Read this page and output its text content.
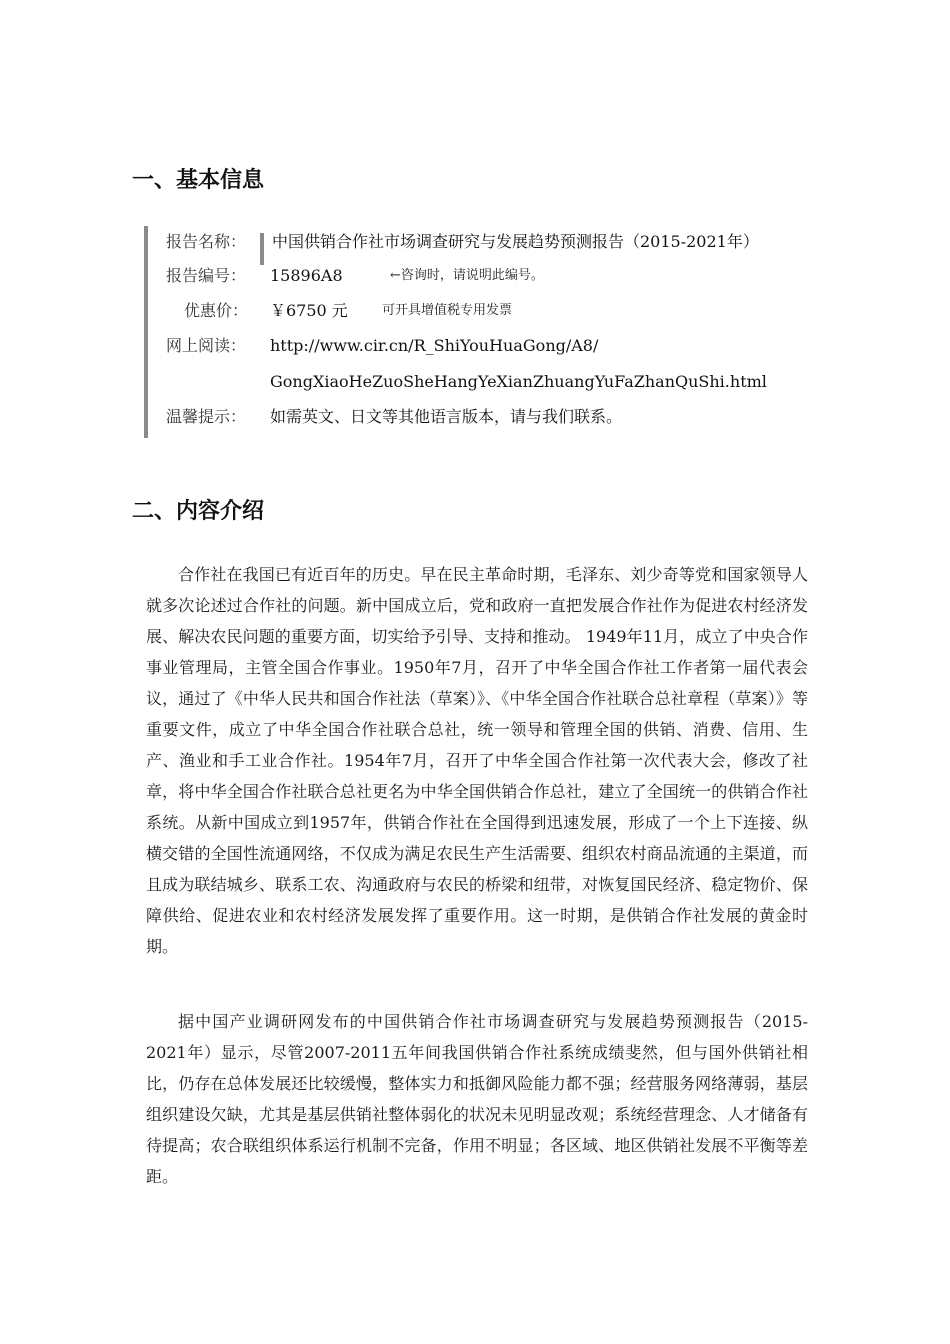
一、基本信息
报告名称：	中国供销合作社市场调查研究与发展趋势预测报告（2015-2021年）
报告编号：	15896A8	←咨询时，请说明此编号。
优惠价：	￥6750 元	可开具增值税专用发票
网上阅读：	http://www.cir.cn/R_ShiYouHuaGong/A8/
GongXiaoHeZuoSheHangYeXianZhuangYuFaZhanQuShi.html
温馨提示：	如需英文、日文等其他语言版本，请与我们联系。
二、内容介绍

合作社在我国已有近百年的历史。早在民主革命时期，毛泽东、刘少奇等党和国家领导人就多次论述过合作社的问题。新中国成立后，党和政府一直把发展合作社作为促进农村经济发展、解决农民问题的重要方面，切实给予引导、支持和推动。 1949年11月，成立了中央合作事业管理局，主管全国合作事业。1950年7月，召开了中华全国合作社工作者第一届代表会议，通过了《中华人民共和国合作社法（草案）》、《中华全国合作社联合总社章程（草案）》等重要文件，成立了中华全国合作社联合总社，统一领导和管理全国的供销、消费、信用、生产、渔业和手工业合作社。1954年7月，召开了中华全国合作社第一次代表大会，修改了社章，将中华全国合作社联合总社更名为中华全国供销合作总社，建立了全国统一的供销合作社系统。从新中国成立到1957年，供销合作社在全国得到迅速发展，形成了一个上下连接、纵横交错的全国性流通网络，不仅成为满足农民生产生活需要、组织农村商品流通的主渠道，而且成为联结城乡、联系工农、沟通政府与农民的桥梁和纽带，对恢复国民经济、稳定物价、保障供给、促进农业和农村经济发展发挥了重要作用。这一时期，是供销合作社发展的黄金时期。

据中国产业调研网发布的中国供销合作社市场调查研究与发展趋势预测报告（2015-2021年）显示，尽管2007-2011五年间我国供销合作社系统成绩斐然，但与国外供销社相比，仍存在总体发展还比较缓慢，整体实力和抵御风险能力都不强；经营服务网络薄弱，基层组织建设欠缺，尤其是基层供销社整体弱化的状况未见明显改观；系统经营理念、人才储备有待提高；农合联组织体系运行机制不完备，作用不明显；各区域、地区供销社发展不平衡等差距。
